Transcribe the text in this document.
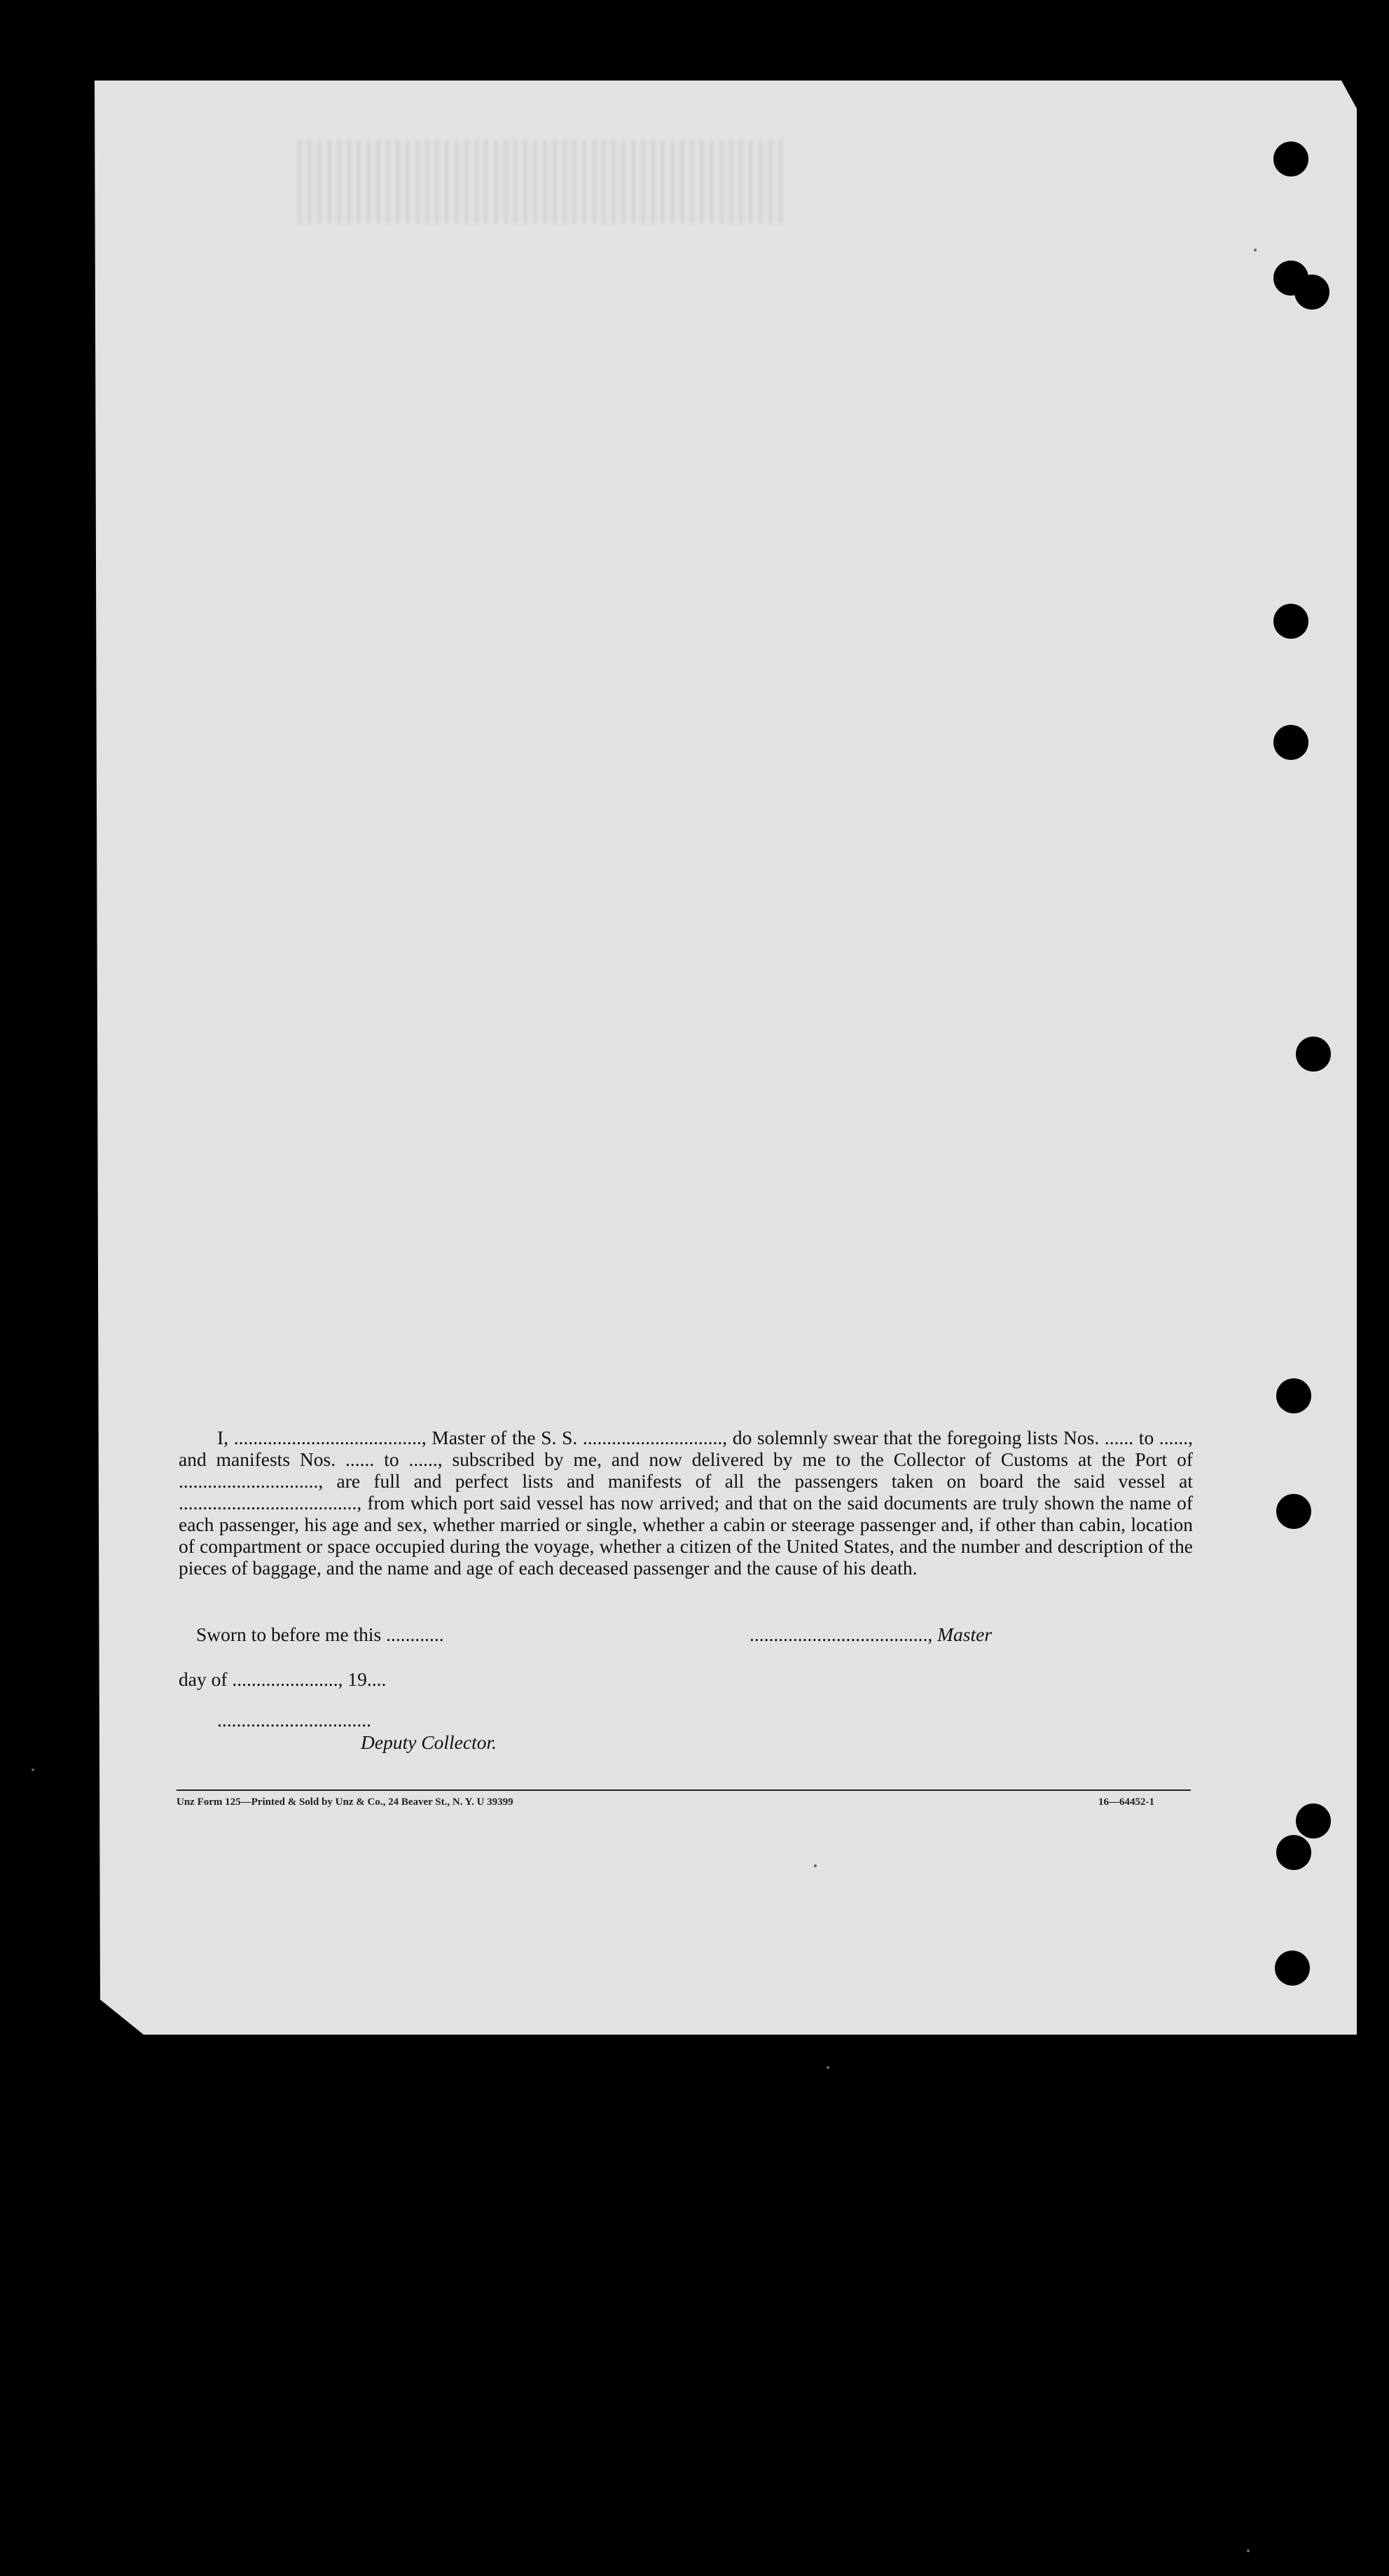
I, ......................................., Master of the S. S. ............................., do solemnly swear that the foregoing lists Nos. ...... to ......, and manifests Nos. ...... to ......, subscribed by me, and now delivered by me to the Collector of Customs at the Port of ............................., are full and perfect lists and manifests of all the passengers taken on board the said vessel at ....................................., from which port said vessel has now arrived; and that on the said documents are truly shown the name of each passenger, his age and sex, whether married or single, whether a cabin or steerage passenger and, if other than cabin, location of compartment or space occupied during the voyage, whether a citizen of the United States, and the number and description of the pieces of baggage, and the name and age of each deceased passenger and the cause of his death.

Sworn to before me this ............	....................................., Master
day of ......................, 19....
................................
Deputy Collector.
Unz Form 125—Printed & Sold by Unz & Co., 24 Beaver St., N. Y. U 39399	16—64452-1
